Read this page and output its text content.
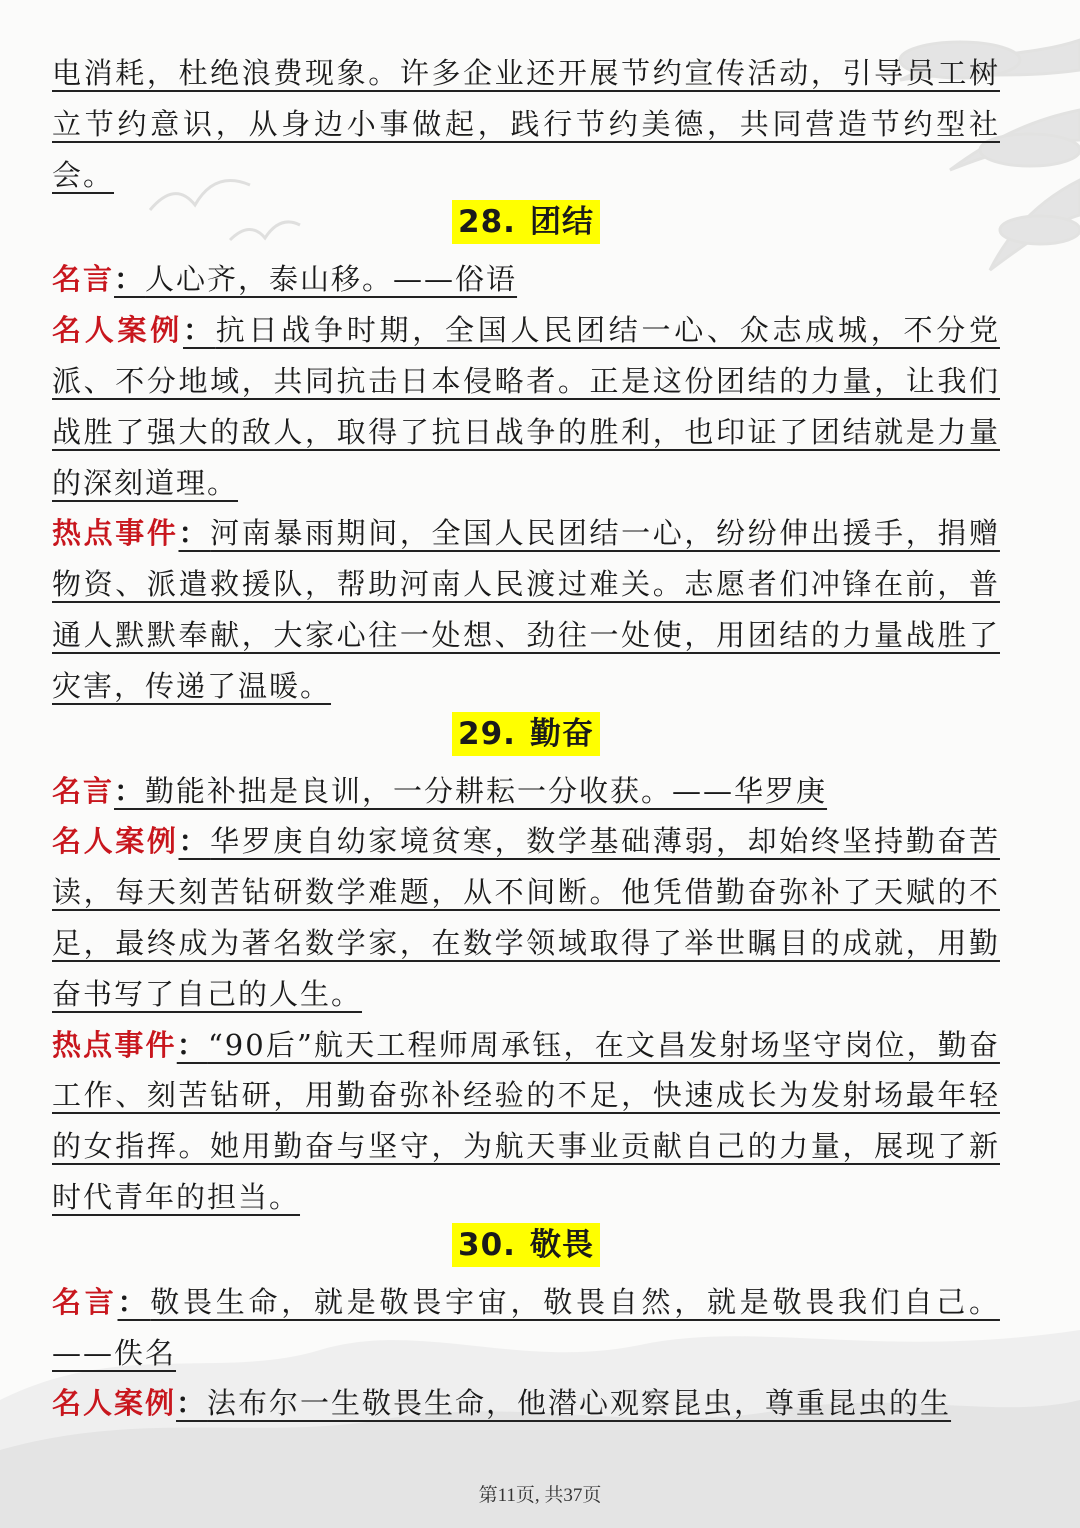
电消耗，杜绝浪费现象。许多企业还开展节约宣传活动，引导员工树立节约意识，从身边小事做起，践行节约美德，共同营造节约型社会。

28. 团结

名言：人心齐，泰山移。——俗语

名人案例：抗日战争时期，全国人民团结一心、众志成城，不分党派、不分地域，共同抗击日本侵略者。正是这份团结的力量，让我们战胜了强大的敌人，取得了抗日战争的胜利，也印证了团结就是力量的深刻道理。

热点事件：河南暴雨期间，全国人民团结一心，纷纷伸出援手，捐赠物资、派遣救援队，帮助河南人民渡过难关。志愿者们冲锋在前，普通人默默奉献，大家心往一处想、劲往一处使，用团结的力量战胜了灾害，传递了温暖。

29. 勤奋

名言：勤能补拙是良训，一分耕耘一分收获。——华罗庚

名人案例：华罗庚自幼家境贫寒，数学基础薄弱，却始终坚持勤奋苦读，每天刻苦钻研数学难题，从不间断。他凭借勤奋弥补了天赋的不足，最终成为著名数学家，在数学领域取得了举世瞩目的成就，用勤奋书写了自己的人生。

热点事件：“90后”航天工程师周承钰，在文昌发射场坚守岗位，勤奋工作、刻苦钻研，用勤奋弥补经验的不足，快速成长为发射场最年轻的女指挥。她用勤奋与坚守，为航天事业贡献自己的力量，展现了新时代青年的担当。

30. 敬畏

名言：敬畏生命，就是敬畏宇宙，敬畏自然，就是敬畏我们自己。——佚名

名人案例：法布尔一生敬畏生命，他潜心观察昆虫，尊重昆虫的生

第11页, 共37页
